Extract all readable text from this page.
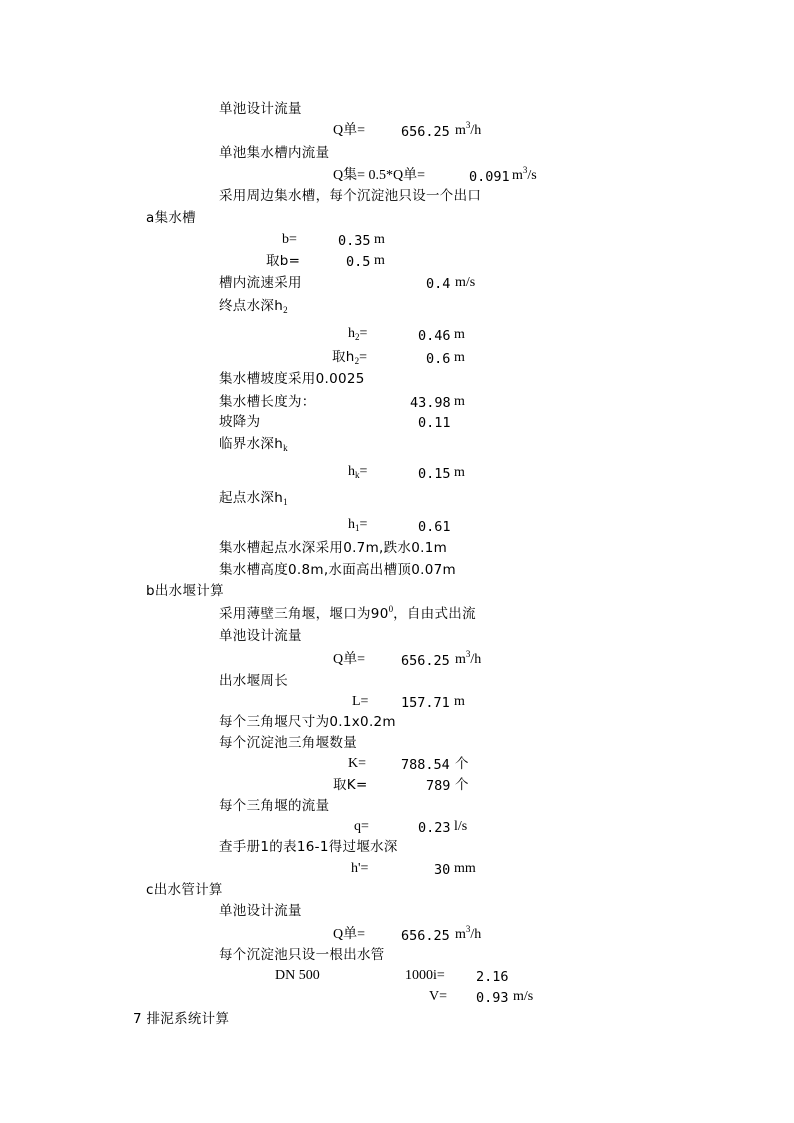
单池设计流量
Q单=	656.25 $m^3/h$
单池集水槽内流量
Q集= 0.5*Q单=	0.091 $m^3/s$
采用周边集水槽，每个沉淀池只设一个出口
a集水槽
b=	0.35 m
取b=	0.5 m
槽内流速采用	0.4 m/s
终点水深$h_2$
$h_2=$	0.46 m
取$h_2=$	0.6 m
集水槽坡度采用0.0025
集水槽长度为：	43.98 m
坡降为	0.11
临界水深$h_k$
$h_k=$	0.15 m
起点水深$h_1$
$h_1=$	0.61
集水槽起点水深采用0.7m,跌水0.1m
集水槽高度0.8m,水面高出槽顶0.07m
b出水堰计算
采用薄壁三角堰，堰口为$90^0$，自由式出流
单池设计流量
Q单=	656.25 $m^3/h$
出水堰周长
L= 157.71 m
每个三角堰尺寸为0.1x0.2m
每个沉淀池三角堰数量
K=	788.54 个
取K=	789 个
每个三角堰的流量
q=	0.23 l/s
查手册1的表16-1得过堰水深
h'=	30 mm
c出水管计算
单池设计流量
Q单=	656.25 $m^3/h$
每个沉淀池只设一根出水管
DN 500	1000i= 2.16
V= 0.93 m/s
7 排泥系统计算
